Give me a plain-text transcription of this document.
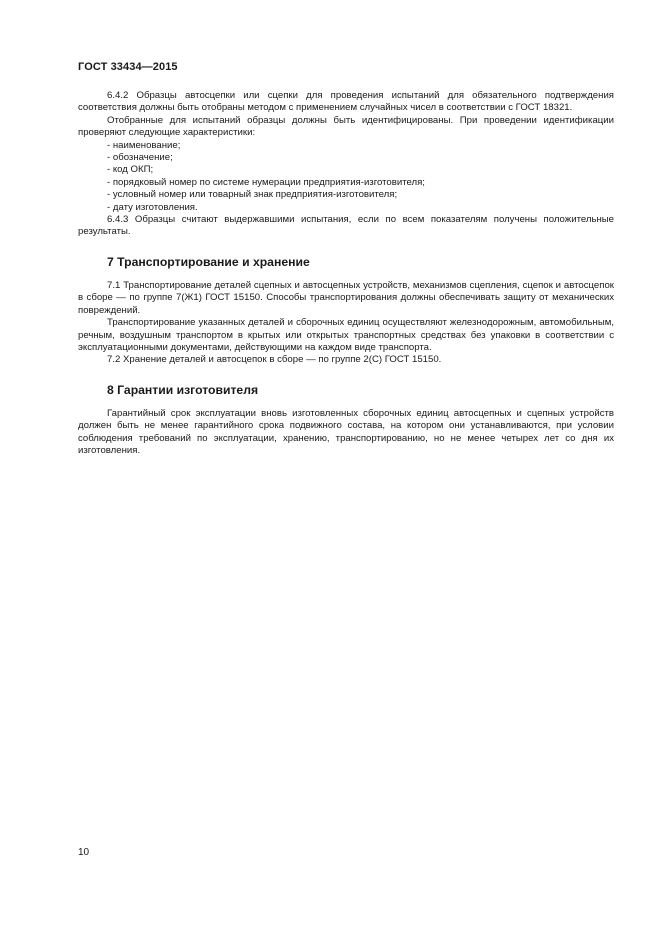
ГОСТ 33434—2015

6.4.2 Образцы автосцепки или сцепки для проведения испытаний для обязательного подтверждения соответствия должны быть отобраны методом с применением случайных чисел в соответствии с ГОСТ 18321.

Отобранные для испытаний образцы должны быть идентифицированы. При проведении идентификации проверяют следующие характеристики:

- наименование;
- обозначение;
- код ОКП;
- порядковый номер по системе нумерации предприятия-изготовителя;
- условный номер или товарный знак предприятия-изготовителя;
- дату изготовления.

6.4.3 Образцы считают выдержавшими испытания, если по всем показателям получены положительные результаты.

7 Транспортирование и хранение

7.1 Транспортирование деталей сцепных и автосцепных устройств, механизмов сцепления, сцепок и автосцепок в сборе — по группе 7(Ж1) ГОСТ 15150. Способы транспортирования должны обеспечивать защиту от механических повреждений.

Транспортирование указанных деталей и сборочных единиц осуществляют железнодорожным, автомобильным, речным, воздушным транспортом в крытых или открытых транспортных средствах без упаковки в соответствии с эксплуатационными документами, действующими на каждом виде транспорта.

7.2 Хранение деталей и автосцепок в сборе — по группе 2(С) ГОСТ 15150.

8 Гарантии изготовителя

Гарантийный срок эксплуатации вновь изготовленных сборочных единиц автосцепных и сцепных устройств должен быть не менее гарантийного срока подвижного состава, на котором они устанавливаются, при условии соблюдения требований по эксплуатации, хранению, транспортированию, но не менее четырех лет со дня их изготовления.

10
